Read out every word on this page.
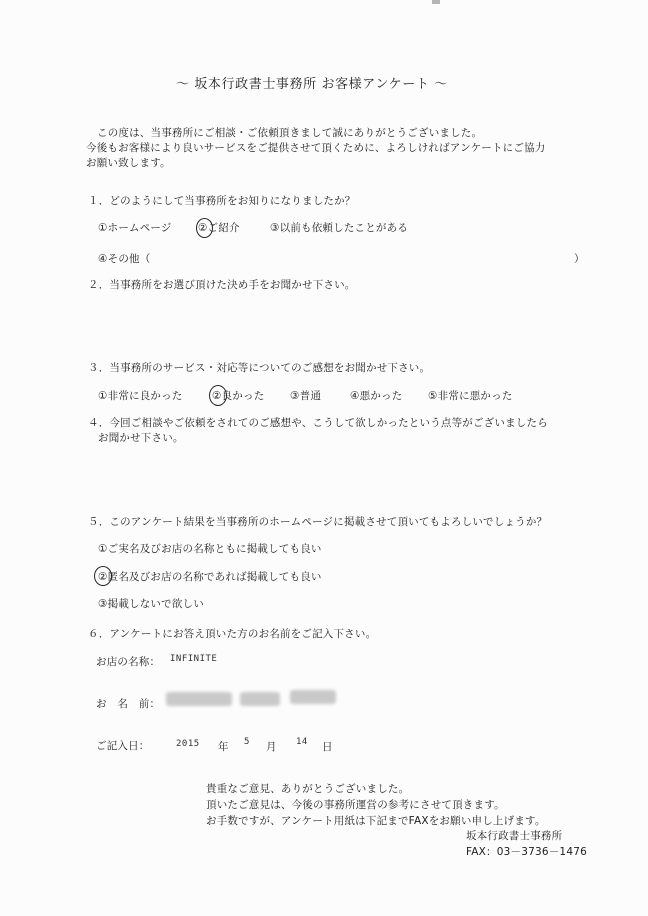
～ 坂本行政書士事務所 お客様アンケート ～
この度は、当事務所にご相談・ご依頼頂きまして誠にありがとうございました。
今後もお客様により良いサービスをご提供させて頂くために、よろしければアンケートにご協力
お願い致します。
１．どのようにして当事務所をお知りになりましたか？
①ホームページ	②ご紹介	③以前も依頼したことがある
④その他（	）
２．当事務所をお選び頂けた決め手をお聞かせ下さい。
３．当事務所のサービス・対応等についてのご感想をお聞かせ下さい。
①非常に良かった	②良かった ③普通	④悪かった ⑤非常に悪かった
４．今回ご相談やご依頼をされてのご感想や、こうして欲しかったという点等がございましたら
お聞かせ下さい。
５．このアンケート結果を当事務所のホームページに掲載させて頂いてもよろしいでしょうか？
①ご実名及びお店の名称ともに掲載しても良い
②匿名及びお店の名称であれば掲載しても良い
③掲載しないで欲しい
６．アンケートにお答え頂いた方のお名前をご記入下さい。
お店の名称： INFINITE
お　名　前：
ご記入日：	2015 年 5 月 14 日
貴重なご意見、ありがとうございました。
頂いたご意見は、今後の事務所運営の参考にさせて頂きます。
お手数ですが、アンケート用紙は下記までFAXをお願い申し上げます。
坂本行政書士事務所
FAX：03－3736－1476
